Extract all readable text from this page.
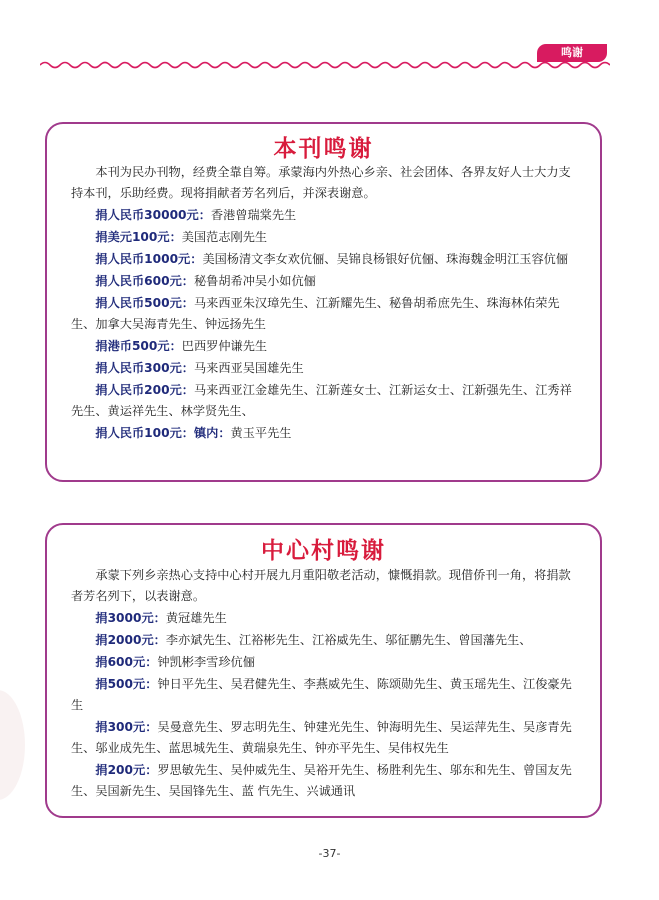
鸣谢
本刊鸣谢
本刊为民办刊物，经费全靠自筹。承蒙海内外热心乡亲、社会团体、各界友好人士大力支持本刊，乐助经费。现将捐献者芳名列后，并深表谢意。
捐人民币30000元：香港曾瑞棠先生
捐美元100元：美国范志刚先生
捐人民币1000元：美国杨清文李女欢伉俪、吴锦良杨银好伉俪、珠海魏金明江玉容伉俪
捐人民币600元：秘鲁胡希冲吴小如伉俪
捐人民币500元：马来西亚朱汉璋先生、江新耀先生、秘鲁胡希庶先生、珠海林佑荣先生、加拿大吴海青先生、钟远扬先生
捐港币500元：巴西罗仲谦先生
捐人民币300元：马来西亚吴国雄先生
捐人民币200元：马来西亚江金雄先生、江新莲女士、江新运女士、江新强先生、江秀祥先生、黄运祥先生、林学贤先生、
捐人民币100元：镇内：黄玉平先生
中心村鸣谢
承蒙下列乡亲热心支持中心村开展九月重阳敬老活动，慷慨捐款。现借侨刊一角，将捐款者芳名列下，以表谢意。
捐3000元：黄冠雄先生
捐2000元：李亦斌先生、江裕彬先生、江裕威先生、邬征鹏先生、曾国藩先生、
捐600元：钟凯彬李雪珍伉俪
捐500元：钟日平先生、吴君健先生、李燕威先生、陈颂勋先生、黄玉瑶先生、江俊豪先生
捐300元：吴曼意先生、罗志明先生、钟建光先生、钟海明先生、吴运萍先生、吴彦青先生、邬业成先生、蓝思城先生、黄瑞泉先生、钟亦平先生、吴伟权先生
捐200元：罗思敏先生、吴仲威先生、吴裕开先生、杨胜利先生、邬东和先生、曾国友先生、吴国新先生、吴国锋先生、蓝 忾先生、兴诚通讯
-37-
